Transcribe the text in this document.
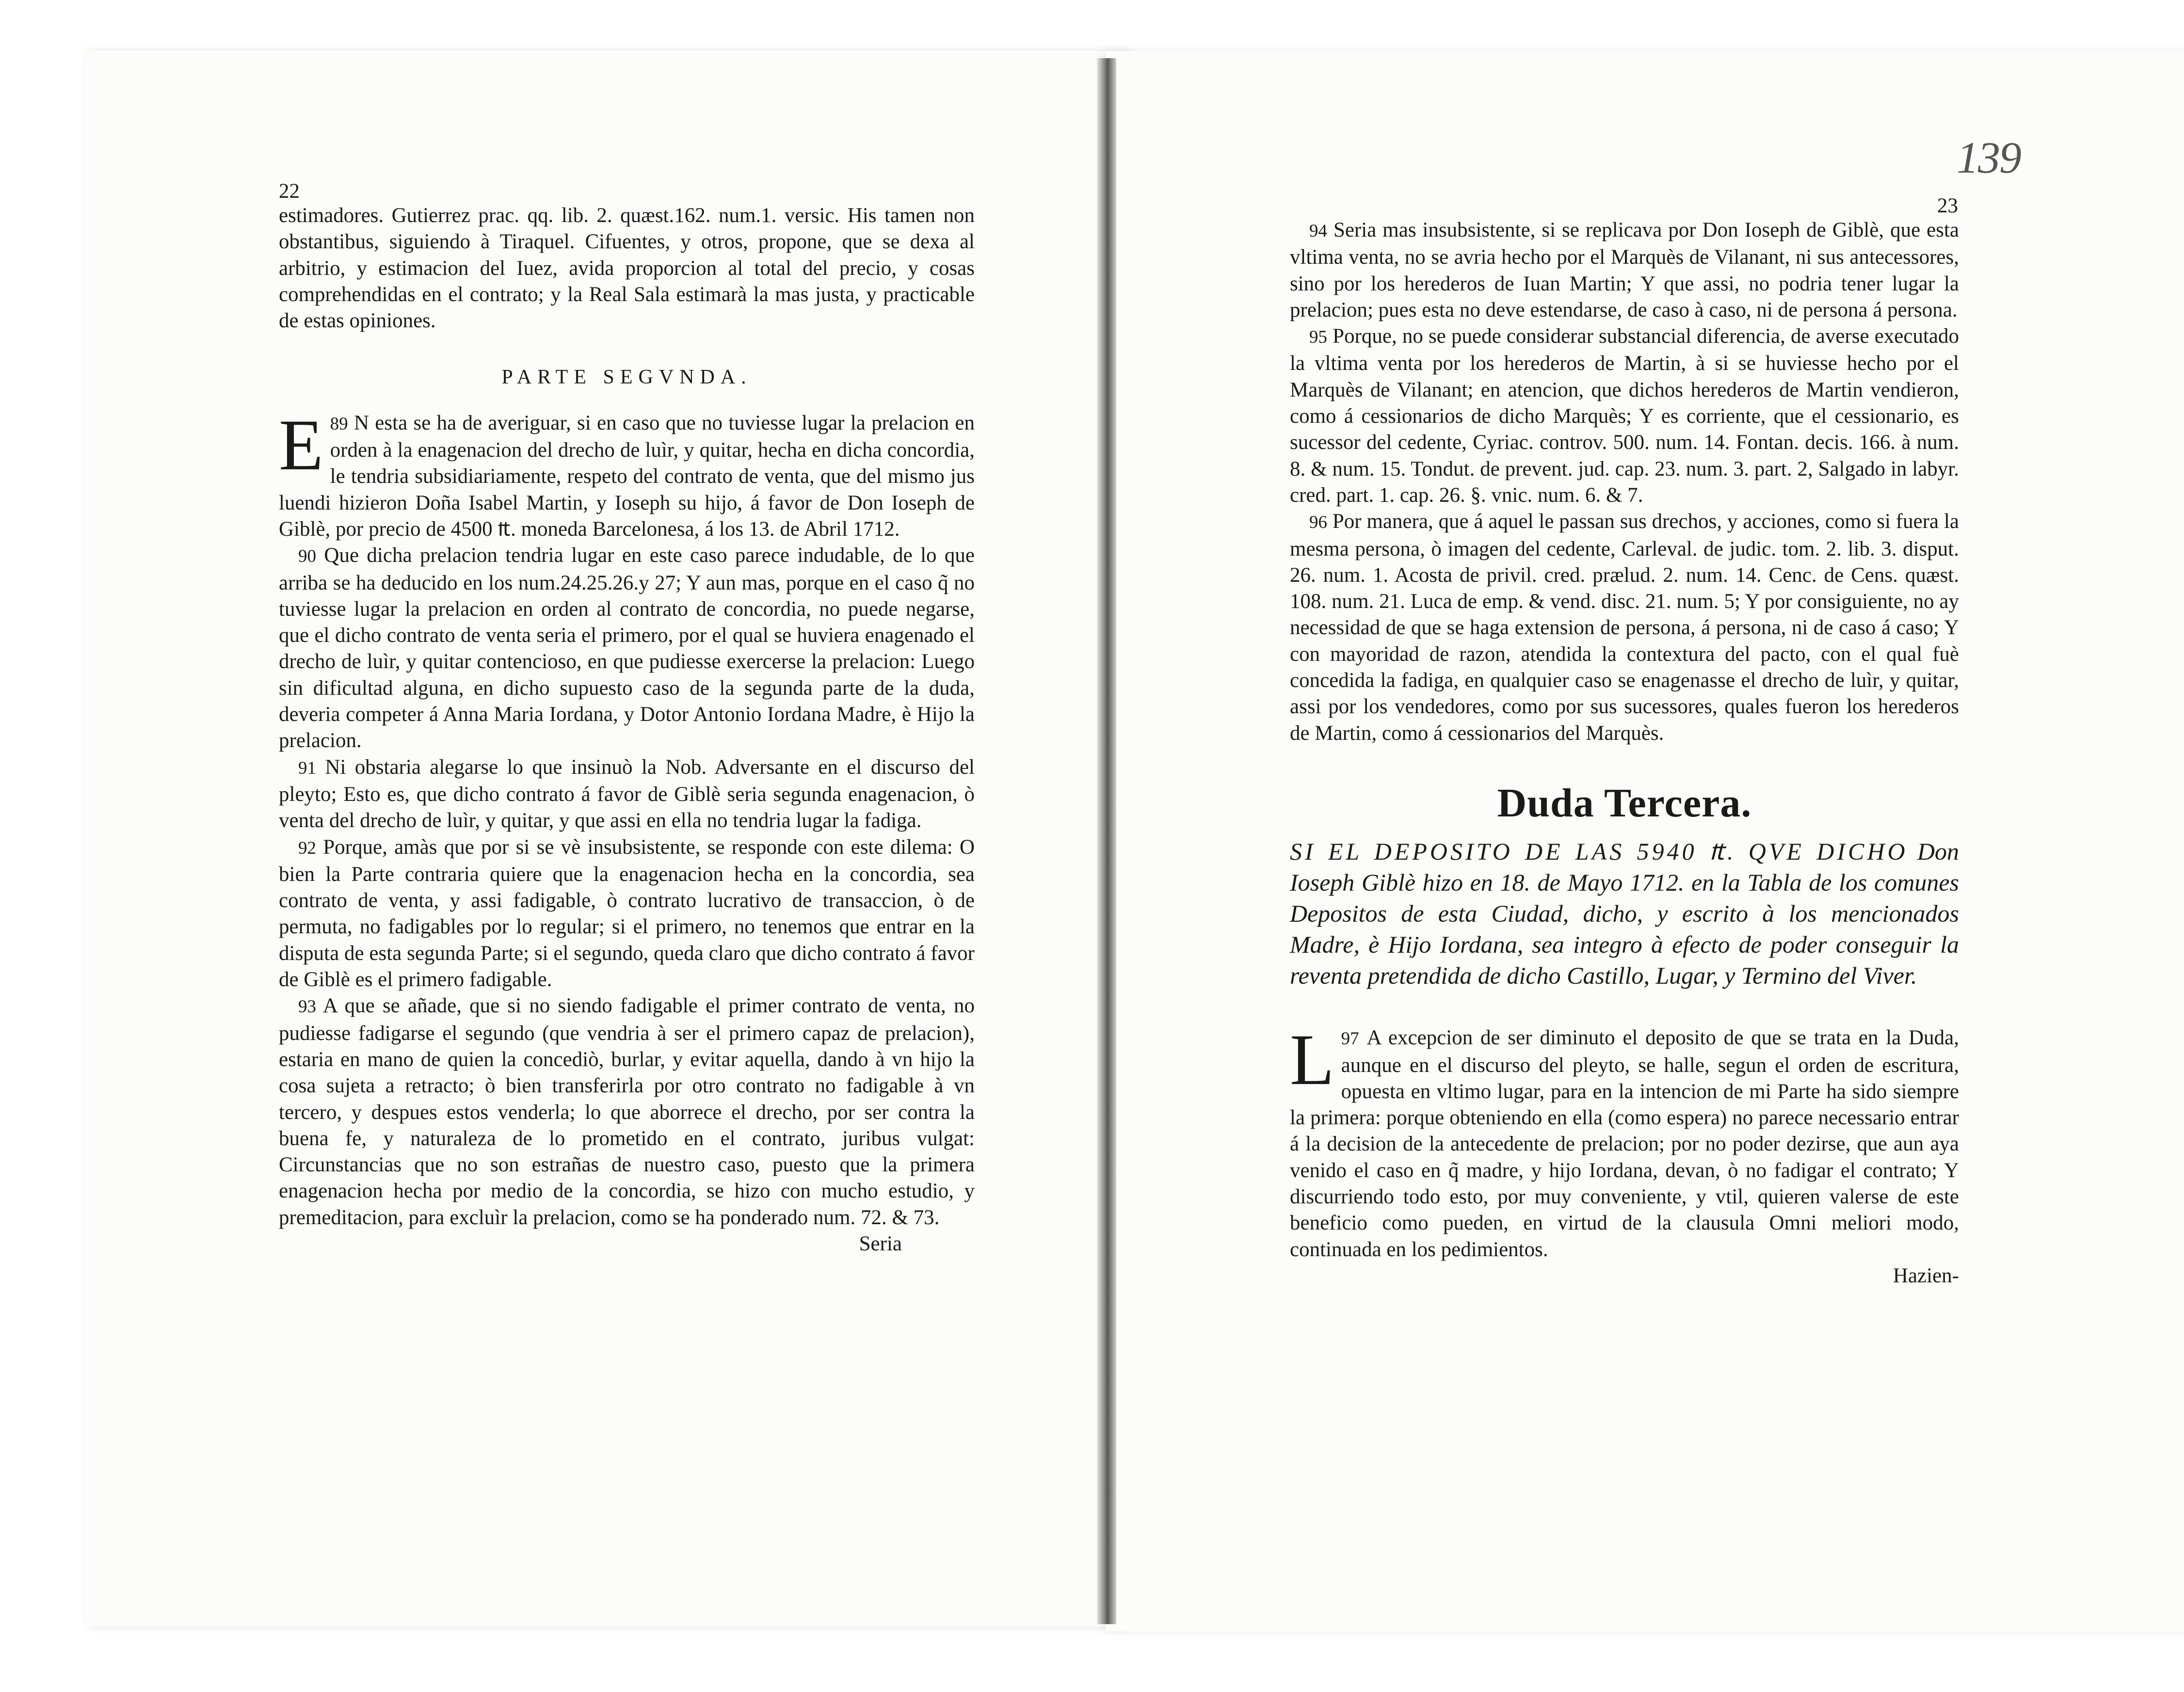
22
23
139

estimadores. Gutierrez prac. qq. lib. 2. quæst.162. num.1. versic. His tamen non obstantibus, siguiendo à Tiraquel. Cifuentes, y otros, propone, que se dexa al arbitrio, y estimacion del Iuez, avida proporcion al total del precio, y cosas comprehendidas en el contrato; y la Real Sala estimarà la mas justa, y practicable de estas opiniones.

PARTE SEGVNDA.

89
E N esta se ha de averiguar, si en caso que no tuviesse lugar la prelacion en orden à la enagenacion del drecho de luìr, y quitar, hecha en dicha concordia, le tendria subsidiariamente, respeto del contrato de venta, que del mismo jus luendi hizieron Doña Isabel Martin, y Ioseph su hijo, á favor de Don Ioseph de Giblè, por precio de 4500 ₶. moneda Barcelonesa, á los 13. de Abril 1712.

90 Que dicha prelacion tendria lugar en este caso parece indudable, de lo que arriba se ha deducido en los num.24.25.26.y 27; Y aun mas, porque en el caso q̃ no tuviesse lugar la prelacion en orden al contrato de concordia, no puede negarse, que el dicho contrato de venta seria el primero, por el qual se huviera enagenado el drecho de luìr, y quitar contencioso, en que pudiesse exercerse la prelacion: Luego sin dificultad alguna, en dicho supuesto caso de la segunda parte de la duda, deveria competer á Anna Maria Iordana, y Dotor Antonio Iordana Madre, è Hijo la prelacion.

91 Ni obstaria alegarse lo que insinuò la Nob. Adversante en el discurso del pleyto; Esto es, que dicho contrato á favor de Giblè seria segunda enagenacion, ò venta del drecho de luìr, y quitar, y que assi en ella no tendria lugar la fadiga.

92 Porque, amàs que por si se vè insubsistente, se responde con este dilema: O bien la Parte contraria quiere que la enagenacion hecha en la concordia, sea contrato de venta, y assi fadigable, ò contrato lucrativo de transaccion, ò de permuta, no fadigables por lo regular; si el primero, no tenemos que entrar en la disputa de esta segunda Parte; si el segundo, queda claro que dicho contrato á favor de Giblè es el primero fadigable.

93 A que se añade, que si no siendo fadigable el primer contrato de venta, no pudiesse fadigarse el segundo (que vendria à ser el primero capaz de prelacion), estaria en mano de quien la concediò, burlar, y evitar aquella, dando à vn hijo la cosa sujeta a retracto; ò bien transferirla por otro contrato no fadigable à vn tercero, y despues estos venderla; lo que aborrece el drecho, por ser contra la buena fe, y naturaleza de lo prometido en el contrato, juribus vulgat: Circunstancias que no son estrañas de nuestro caso, puesto que la primera enagenacion hecha por medio de la concordia, se hizo con mucho estudio, y premeditacion, para excluìr la prelacion, como se ha ponderado num. 72. & 73.

Seria

94 Seria mas insubsistente, si se replicava por Don Ioseph de Giblè, que esta vltima venta, no se avria hecho por el Marquès de Vilanant, ni sus antecessores, sino por los herederos de Iuan Martin; Y que assi, no podria tener lugar la prelacion; pues esta no deve estendarse, de caso à caso, ni de persona á persona.

95 Porque, no se puede considerar substancial diferencia, de averse executado la vltima venta por los herederos de Martin, à si se huviesse hecho por el Marquès de Vilanant; en atencion, que dichos herederos de Martin vendieron, como á cessionarios de dicho Marquès; Y es corriente, que el cessionario, es sucessor del cedente, Cyriac. controv. 500. num. 14. Fontan. decis. 166. à num. 8. & num. 15. Tondut. de prevent. jud. cap. 23. num. 3. part. 2, Salgado in labyr. cred. part. 1. cap. 26. §. vnic. num. 6. & 7.

96 Por manera, que á aquel le passan sus drechos, y acciones, como si fuera la mesma persona, ò imagen del cedente, Carleval. de judic. tom. 2. lib. 3. disput. 26. num. 1. Acosta de privil. cred. prælud. 2. num. 14. Cenc. de Cens. quæst. 108. num. 21. Luca de emp. & vend. disc. 21. num. 5; Y por consiguiente, no ay necessidad de que se haga extension de persona, á persona, ni de caso á caso; Y con mayoridad de razon, atendida la contextura del pacto, con el qual fuè concedida la fadiga, en qualquier caso se enagenasse el drecho de luìr, y quitar, assi por los vendedores, como por sus sucessores, quales fueron los herederos de Martin, como á cessionarios del Marquès.

Duda Tercera.
SI EL DEPOSITO DE LAS 5940 ₶. QVE DICHO Don Ioseph Giblè hizo en 18. de Mayo 1712. en la Tabla de los comunes Depositos de esta Ciudad, dicho, y escrito à los mencionados Madre, è Hijo Iordana, sea integro à efecto de poder conseguir la reventa pretendida de dicho Castillo, Lugar, y Termino del Viver.

97
L A excepcion de ser diminuto el deposito de que se trata en la Duda, aunque en el discurso del pleyto, se halle, segun el orden de escritura, opuesta en vltimo lugar, para en la intencion de mi Parte ha sido siempre la primera: porque obteniendo en ella (como espera) no parece necessario entrar á la decision de la antecedente de prelacion; por no poder dezirse, que aun aya venido el caso en q̃ madre, y hijo Iordana, devan, ò no fadigar el contrato; Y discurriendo todo esto, por muy conveniente, y vtil, quieren valerse de este beneficio como pueden, en virtud de la clausula Omni meliori modo, continuada en los pedimientos.

Hazien-
